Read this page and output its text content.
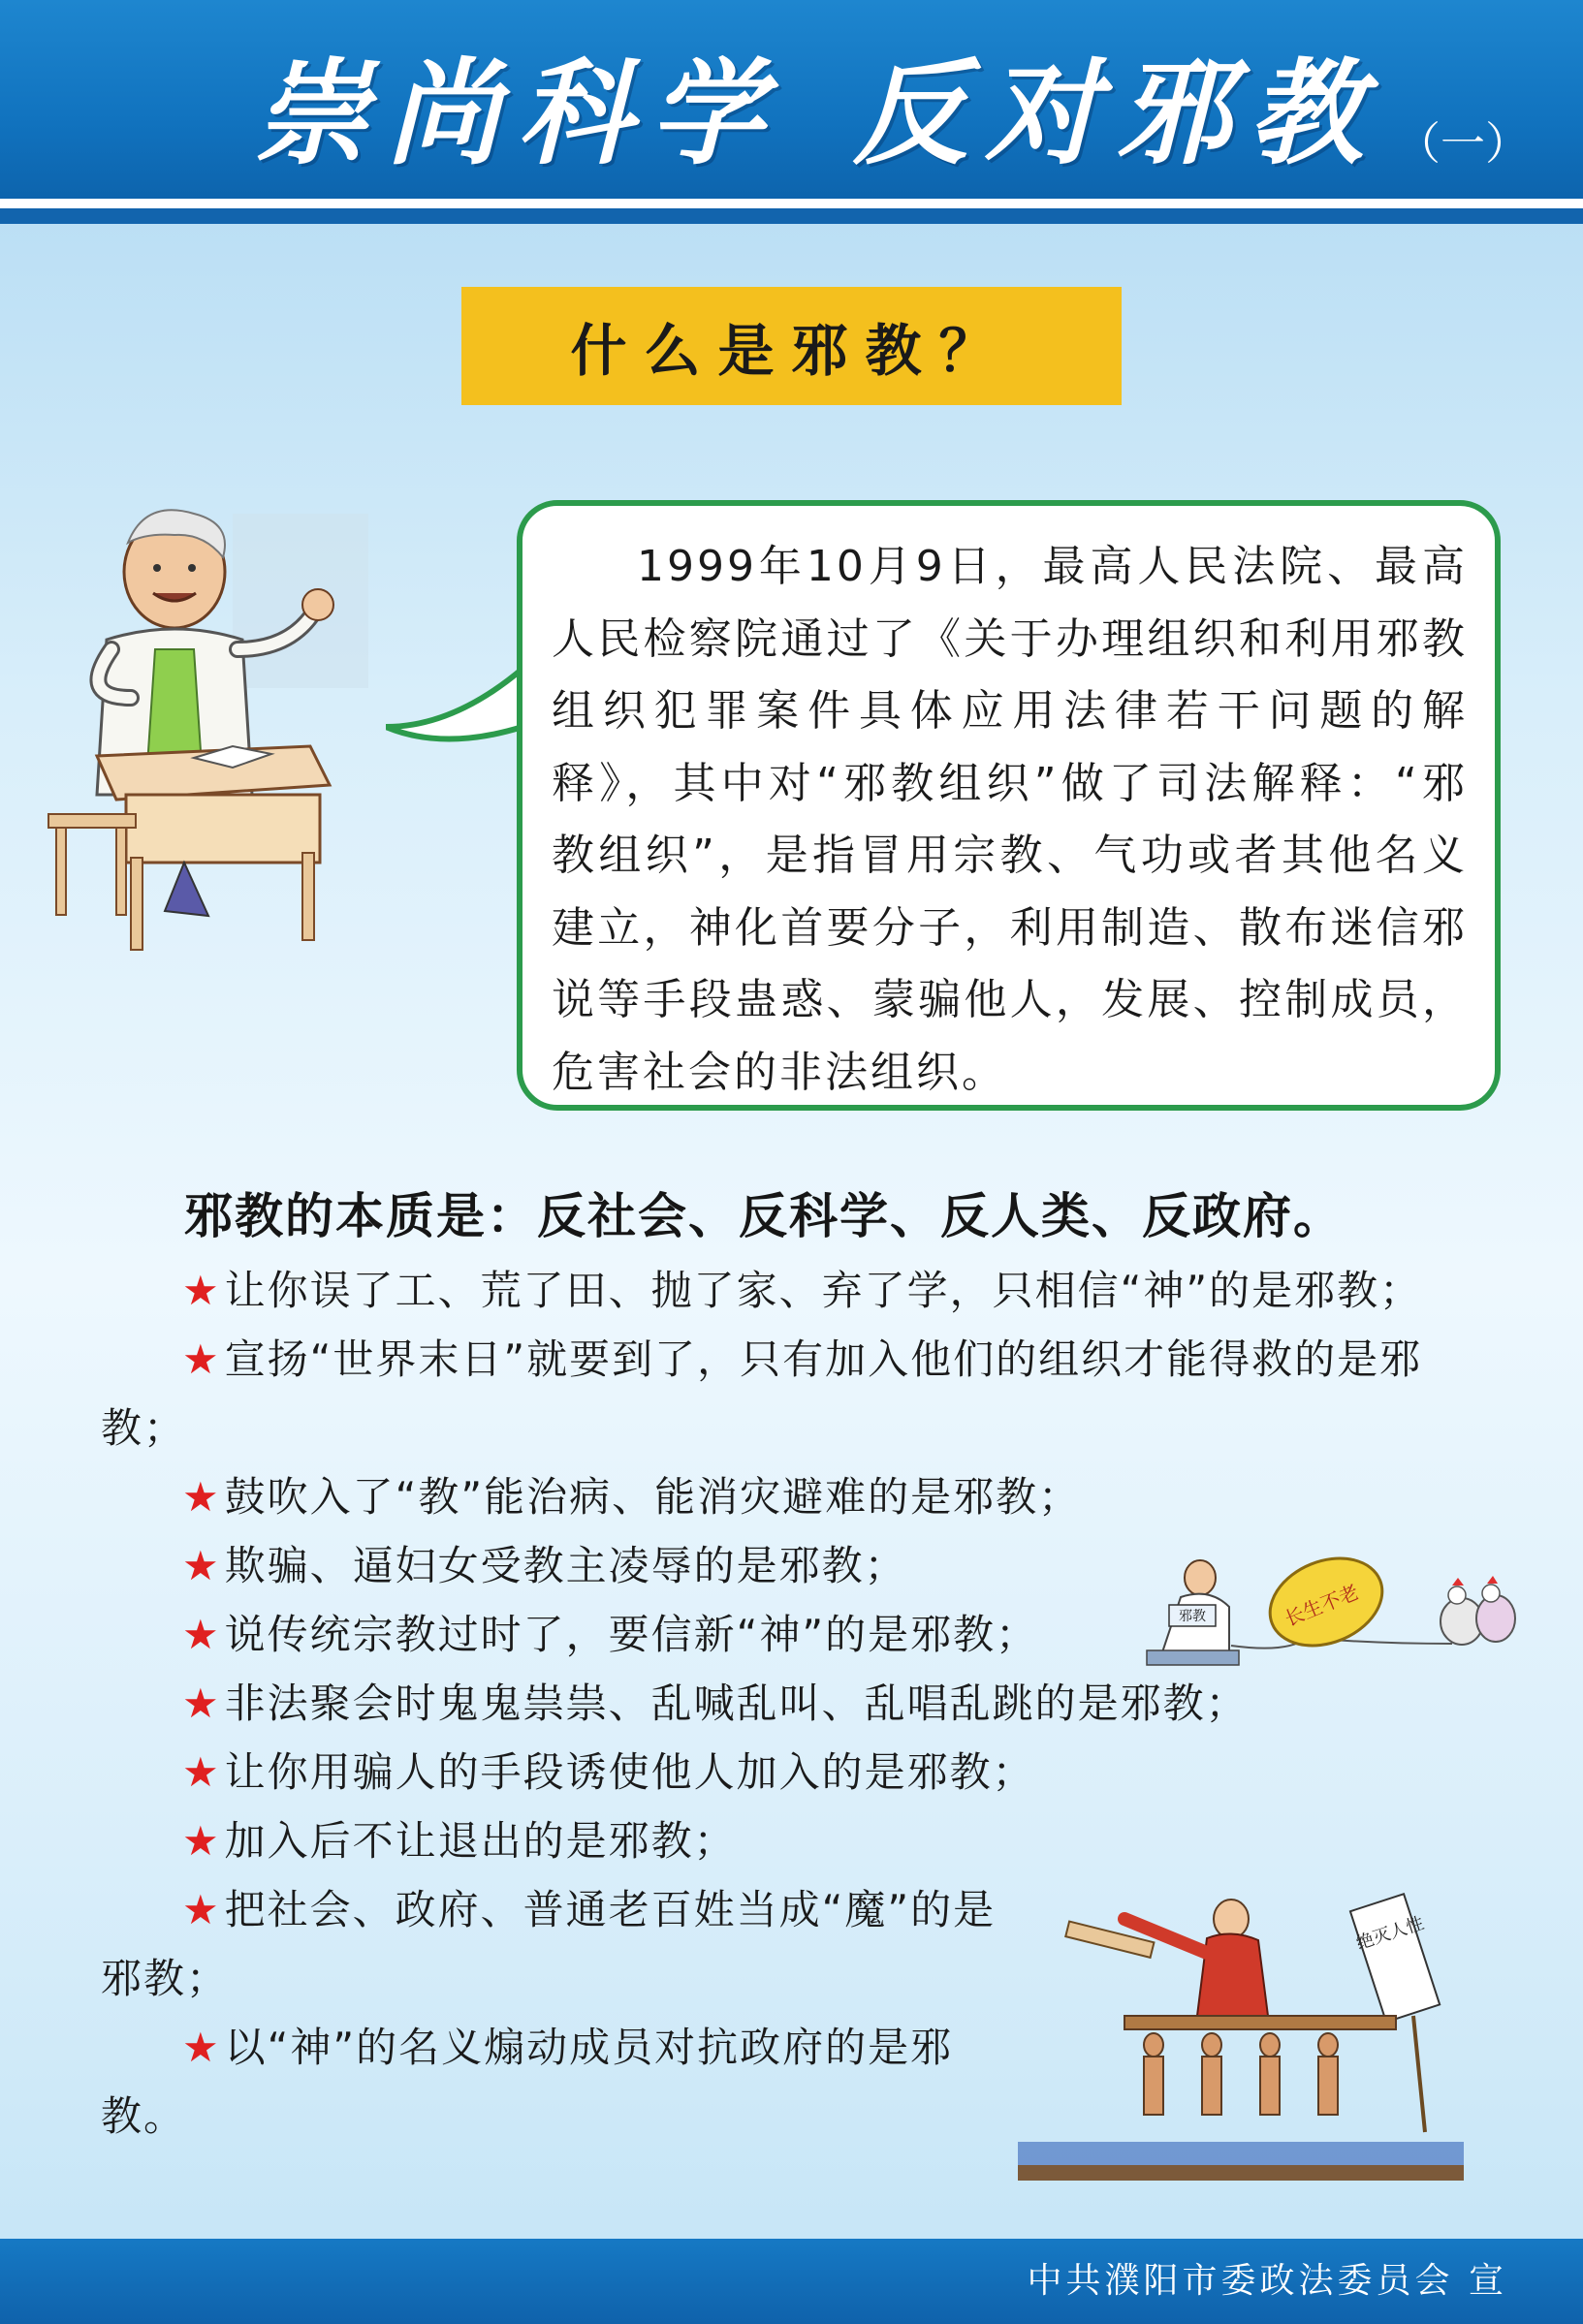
崇尚科学 反对邪教 （一）
什么是邪教？

1999年10月9日，最高人民法院、最高人民检察院通过了《关于办理组织和利用邪教组织犯罪案件具体应用法律若干问题的解释》，其中对“邪教组织”做了司法解释：“邪教组织”，是指冒用宗教、气功或者其他名义建立，神化首要分子，利用制造、散布迷信邪说等手段蛊惑、蒙骗他人，发展、控制成员，危害社会的非法组织。

邪教的本质是：反社会、反科学、反人类、反政府。
★让你误了工、荒了田、抛了家、弃了学，只相信“神”的是邪教；
★宣扬“世界末日”就要到了，只有加入他们的组织才能得救的是邪教；
★鼓吹入了“教”能治病、能消灾避难的是邪教；
★欺骗、逼妇女受教主凌辱的是邪教；
★说传统宗教过时了，要信新“神”的是邪教；
★非法聚会时鬼鬼祟祟、乱喊乱叫、乱唱乱跳的是邪教；
★让你用骗人的手段诱使他人加入的是邪教；
★加入后不让退出的是邪教；
★把社会、政府、普通老百姓当成“魔”的是邪教；
★以“神”的名义煽动成员对抗政府的是邪教。
邪教	长生不老
绝灭人性
中共濮阳市委政法委员会 宣
